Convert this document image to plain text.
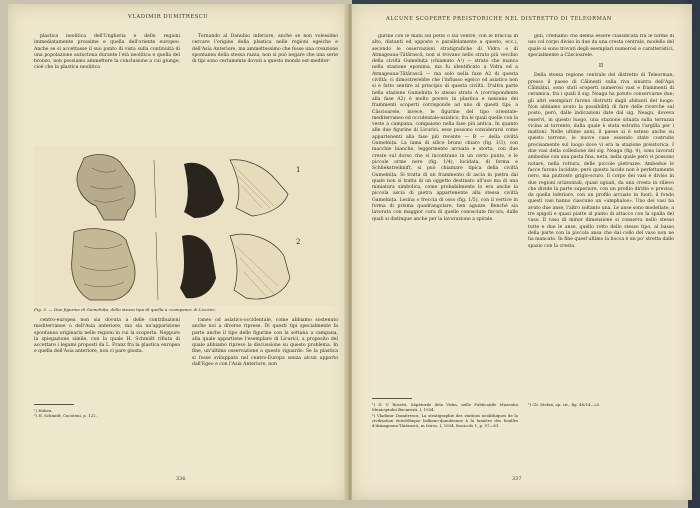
VLADIMIR DUMITRESCU

plastica neolitica dell'Ungheria e delle regioni immediatamente prossime e quella dell'oriente europeo. Anche se si accettasse il suo punto di vista sulla continuità di una popolazione autoctona durante l'età neolitica e quella del bronzo, non possiamo ammettere la conclusione a cui giunge, cioè che la plastica neolitica

Tornando al Danubio inferiore, anche se non volessimo cercare l'origine della plastica nelle regioni egeiche e dell'Asia Anteriore, ma ammettessimo che fosse una creazione spontanea della stessa razza, non si può negare che una serie di tipi sono certamente dovuti a questo mondo est-mediter-

1
2
Fig. 3. — Due figurine di Gumelnița, dello stesso tipo di quella a «campana» di Licurici.

centro-europea non sia dovuta a delle contribuzioni mediterranee o dell'Asia anteriore, ma sia un'apparizione spontanea originaria nelle regioni in cui la scoperta. Neppure la spiegazione simile, con la quale H. Schmidt rifiuta di accettare i legami proposti da L. Franz fra la plastica europea e quella dell'Asia anteriore, non ci pare giusta.

raneo od asiatico-occidentale, come abbiamo sostenuto anche noi a diverse riprese. Di questi tipi specialmente fa parte anche il tipo delle figurine con la sottana a campana, alla quale appartiene l'esemplare di Licurici, a proposito del quale abbiamo ripreso la discussione su questo problema. In fine, un'ultima osservazione a questo riguardo. Se la plastica si fosse sviluppata nel centro-Europa senza alcun apporto dall'Egeo e con l'Asia Anteriore, non

¹) Hoheu.
²) H. Schmidt, Cucuteni, p. 122.
336
ALCUNE SCOPERTE PREISTORICHE NEL DISTRETTO DI TELEORMAN

gurine con le mani sul petto o sul ventre, con le braccia in alto, distanti ed opposte o parallelamente a questo, ecc.), secondo le osservazioni stratigrafiche di Vidra e di Atmageaua-Tătărască, non si trovano nello strato più vecchio della civiltà Gumelnița (chiamato A¹) — strato che manca nella stazione eponima, ma fu identificato a Vidra ed a Atmageaua-Tătărască — ma solo nella fase A2 di questa civiltà; ci dimostrerebbe che l'influsso egeico od asiatico non si è fatto sentire al principio di questa civiltà. D'altra parte nella stazione Gumelnița lo stesso strato A (corrispondente alla fase A2) è molto povero in plastica e nessuno dei frammenti scoperti corrisponde ad uno di questi tipi; a Căscioarele, invece, le figurine del tipo orientale-mediterraneo ed occidentale-asiatico, fra le quali quelle con la veste a campana, compaiono nella fase più antica. In quanto alle due figurine di Licurici, esse possono considerarsi come appartenenti alla fase più recente — B — della civiltà Gumelnița. La lama di silice bruno chiaro (fig. 1/3), con macchie bianche, leggermente arcuata e storta, con due creste sul dorso che si incontrano in un certo punto, e le piccole orme nere (fig. 1/4), lucidata, di forma e Schliekstreiknift, si può chiamare tipica della civiltà Gumelnița. Si tratta di un frammento di ascia in pietra dal quale non si tratta di un oggetto destinato all'uso ma di una miniatura simbolica, come probabilmente lo era anche la piccola ascia di pietra appartenente alla stessa civiltà Gumelnița. Lesina o freccia di osso (fig. 1/5), con il vertice in forma di prisma quadrangolare, ben aguzze. Benché sia lavorata con maggior cura di quelle conosciute fin'ora, dalle quali si distingue anche per la lavorazione a spirale.

gidi, crediamo che debba essere classificata fra le forme di uso col corpo diviso in due da una cresta centrale, modello del quale si sono trovati degli esemplari numerosi e caratteristici, specialmente a Căscioarele.

II

Della stessa regione centrale del distretto di Teleorman, presso il paese di Călinești sulla riva sinistra dell'Apa Călmățui, sono stati scoperti numerosi vasi e frammenti di ceramica, fra i quali il sig. Neagu ha potuto conservarne due; gli altri esemplari furono distrutti dagli abitanti del luogo. Non abbiamo avuto la possibilità di fare delle ricerche sul posto, però, dalle indicazioni date dal sig. Neagu, doveva esservi, in questo luogo, una stazione situata sulla terrazza vicina al torrente, dalla quale è stata estratta l'argilla per i mattoni. Nelle ultime anni, il paese si è esteso anche su questo terreno, le nuove case essendo state costruite precisamente sul luogo dove vi era la stazione preistorica. I due vasi della collezione del sig. Neagu (fig. 4), sono lavorati ambedue con una pasta fina, nera, nella quale però vi possono notare, nella rottura, delle piccole pietruzze. Ambedue le facce furono lucidate, però questo lucido non è perfettamente nero, ma piuttosto grigio-scuro. Il corpo dei vasi è diviso in due regioni orizzontali, quasi uguali, da una cresta in rilievo che divide la parte superiore, con un profilo diritto e previso, da quella inferiore, con un profilo arcuato in fuori; il fondo questi vasi hanno ciascuno un «umphalos». Uno dei vasi ha avuto due anse, l'altro soltanto una. Le anse sono modellate, a tre spigoli e quasi piatte al punto di attacco con la spalla del vaso. Il vaso di minor dimensione si conserva nello stesso tutte e due le anse, quello rotto dello stesso tipo, al basso della parte con la piccola ansa che dal collo del vaso non ne ha mancato. In fine quest'ultimo la bocca è un po' stretta dallo spazio con la cresta.

¹) D. V. Rosetti, Săpăturile dela Vidra, nelle Publicațiile Muzeului Municipiului București, I, 1934.
²) Vladimir Dumitrescu, La stratigraphie des stations neolithiques de la civilisation énéolithique balkano-danubienne à la lumière des fouilles d'Atmageaua-Tătărască, in Istros, I, 1934, fascicolo 1, p. 57—61.
³) Ch. Ștefan, op. cit., fig. 46/14—23.
337
